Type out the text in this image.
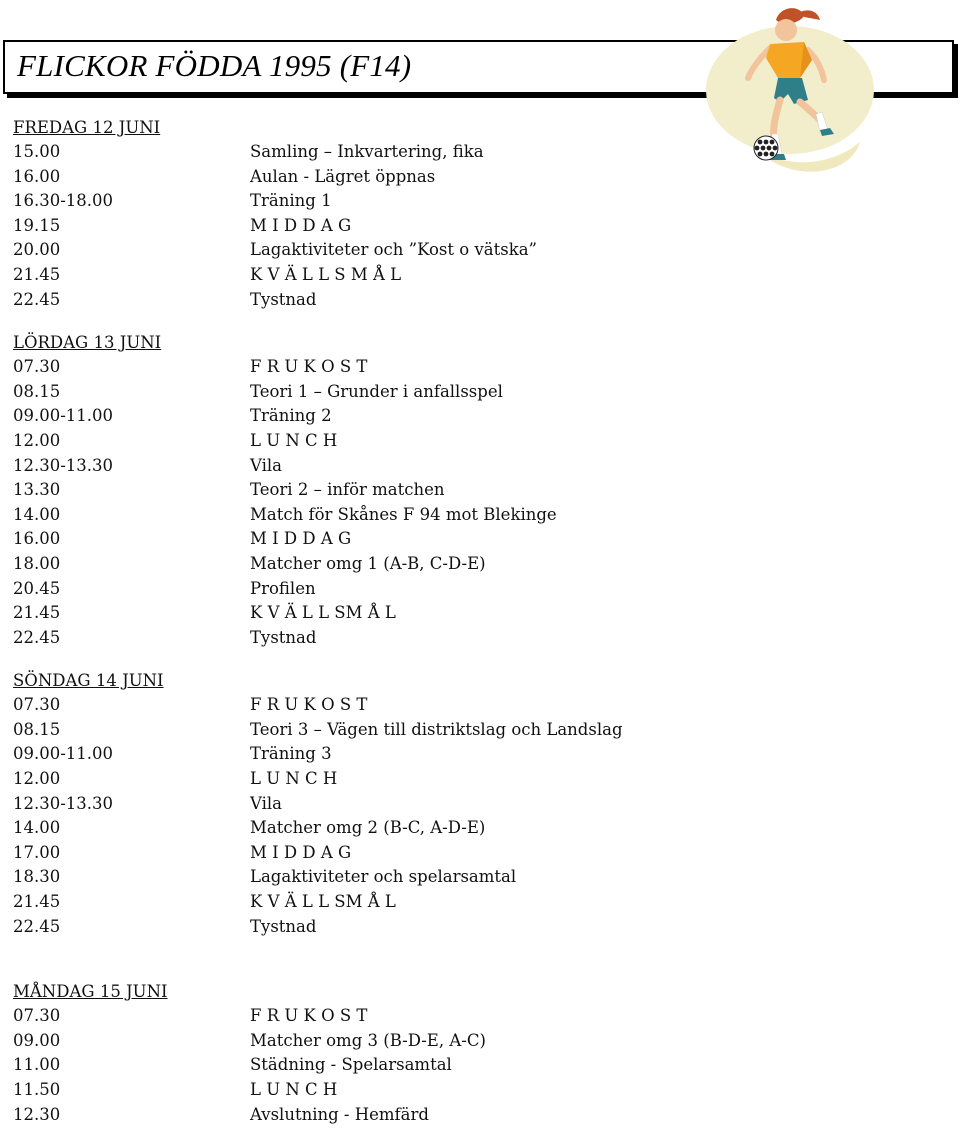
FLICKOR FÖDDA 1995 (F14)
FREDAG 12 JUNI
15.00	Samling – Inkvartering, fika
16.00	Aulan - Lägret öppnas
16.30-18.00	Träning 1
19.15	M I D D A G
20.00	Lagaktiviteter och ”Kost o vätska”
21.45	K V Ä L L S M Å L
22.45	Tystnad
LÖRDAG 13 JUNI
07.30	F R U K O S T
08.15	Teori 1 – Grunder i anfallsspel
09.00-11.00	Träning 2
12.00	L U N C H
12.30-13.30	Vila
13.30	Teori 2 – inför matchen
14.00	Match för Skånes F 94 mot Blekinge
16.00	M I D D A G
18.00	Matcher omg 1 (A-B, C-D-E)
20.45	Profilen
21.45	K V Ä L L SM Å L
22.45	Tystnad
SÖNDAG 14 JUNI
07.30	F R U K O S T
08.15	Teori 3 – Vägen till distriktslag och Landslag
09.00-11.00	Träning 3
12.00	L U N C H
12.30-13.30	Vila
14.00	Matcher omg 2 (B-C, A-D-E)
17.00	M I D D A G
18.30	Lagaktiviteter och spelarsamtal
21.45	K V Ä L L SM Å L
22.45	Tystnad
MÅNDAG 15 JUNI
07.30	F R U K O S T
09.00	Matcher omg 3 (B-D-E, A-C)
11.00	Städning - Spelarsamtal
11.50	L U N C H
12.30	Avslutning - Hemfärd
